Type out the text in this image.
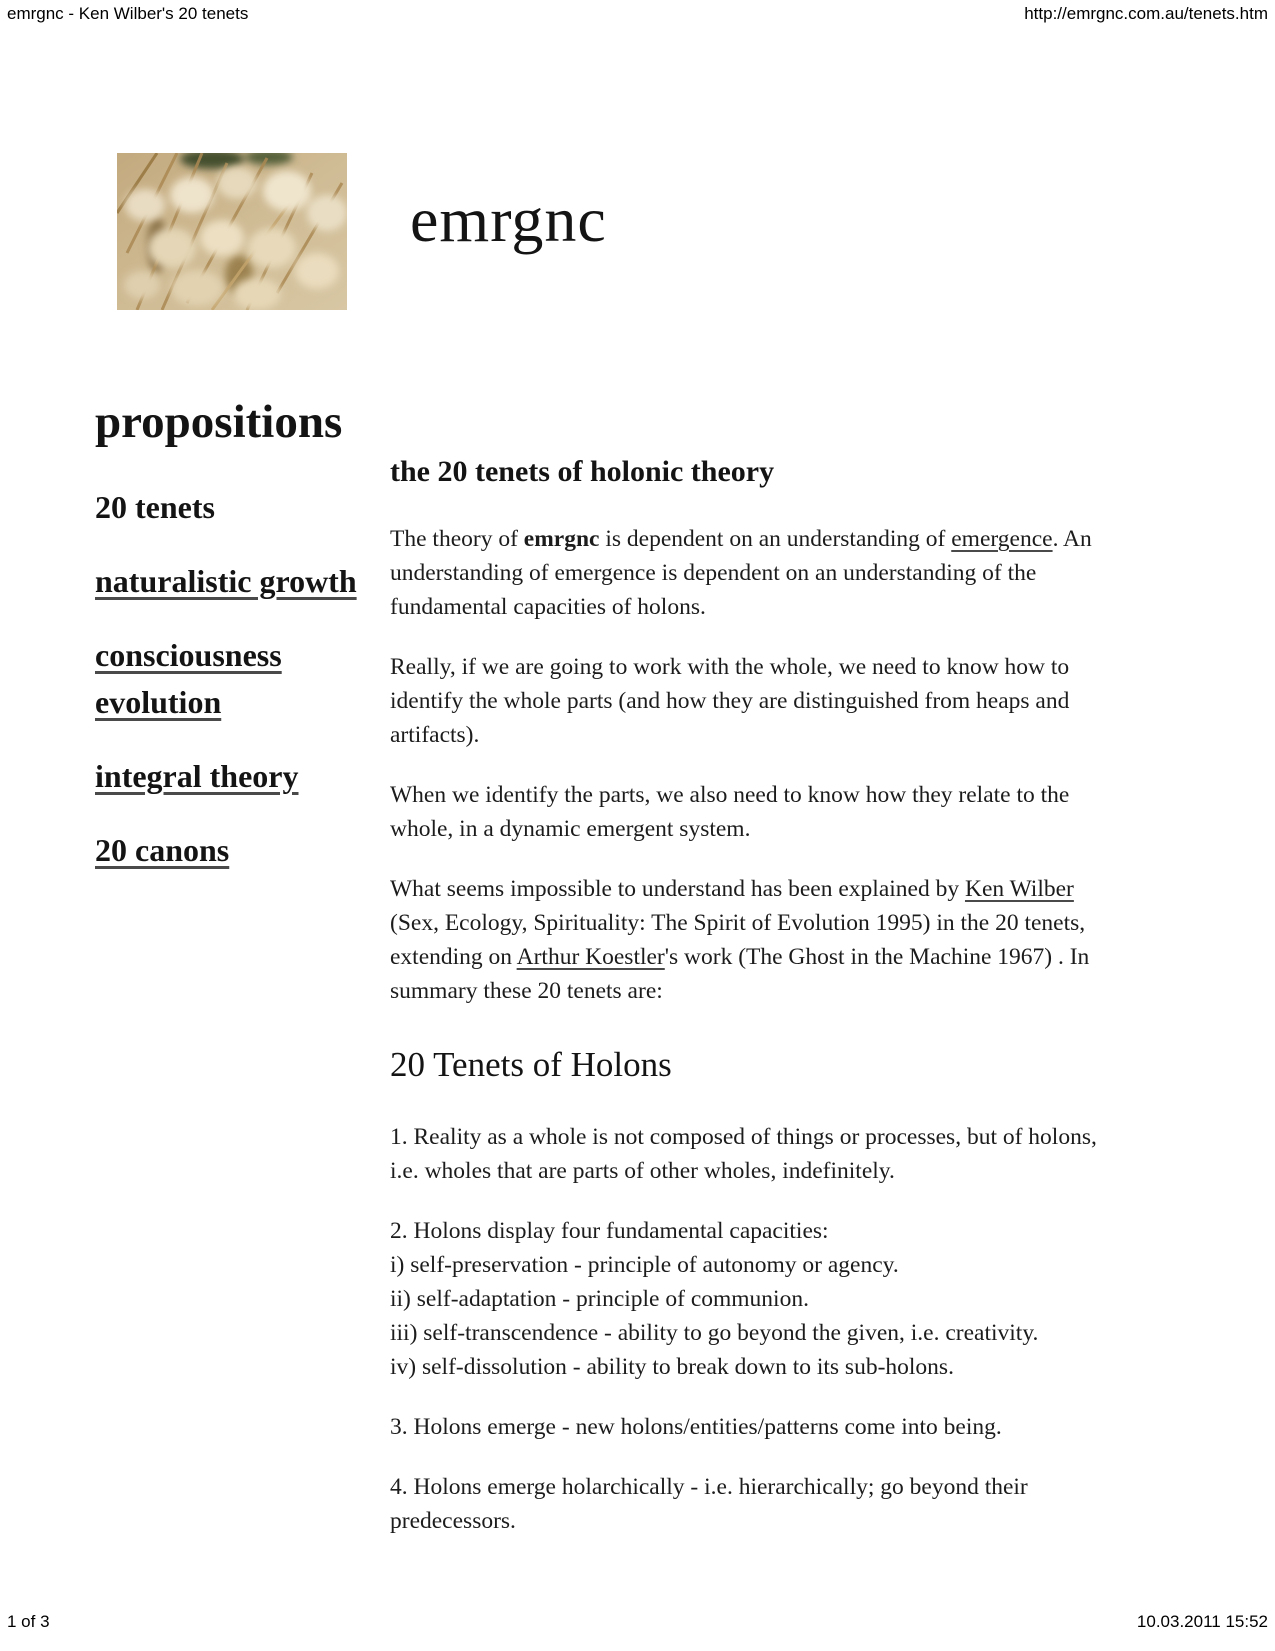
emrgnc - Ken Wilber's 20 tenets	http://emrgnc.com.au/tenets.htm
emrgnc
propositions
20 tenets
naturalistic growth
consciousness evolution
integral theory
20 canons
the 20 tenets of holonic theory

The theory of emrgnc is dependent on an understanding of emergence. An understanding of emergence is dependent on an understanding of the fundamental capacities of holons.

Really, if we are going to work with the whole, we need to know how to identify the whole parts (and how they are distinguished from heaps and artifacts).

When we identify the parts, we also need to know how they relate to the whole, in a dynamic emergent system.

What seems impossible to understand has been explained by Ken Wilber (Sex, Ecology, Spirituality: The Spirit of Evolution 1995) in the 20 tenets, extending on Arthur Koestler's work (The Ghost in the Machine 1967) . In summary these 20 tenets are:

20 Tenets of Holons
1. Reality as a whole is not composed of things or processes, but of holons, i.e. wholes that are parts of other wholes, indefinitely.
2. Holons display four fundamental capacities:
i) self-preservation - principle of autonomy or agency.
ii) self-adaptation - principle of communion.
iii) self-transcendence - ability to go beyond the given, i.e. creativity.
iv) self-dissolution - ability to break down to its sub-holons.
3. Holons emerge - new holons/entities/patterns come into being.
4. Holons emerge holarchically - i.e. hierarchically; go beyond their predecessors.
1 of 3	10.03.2011 15:52
